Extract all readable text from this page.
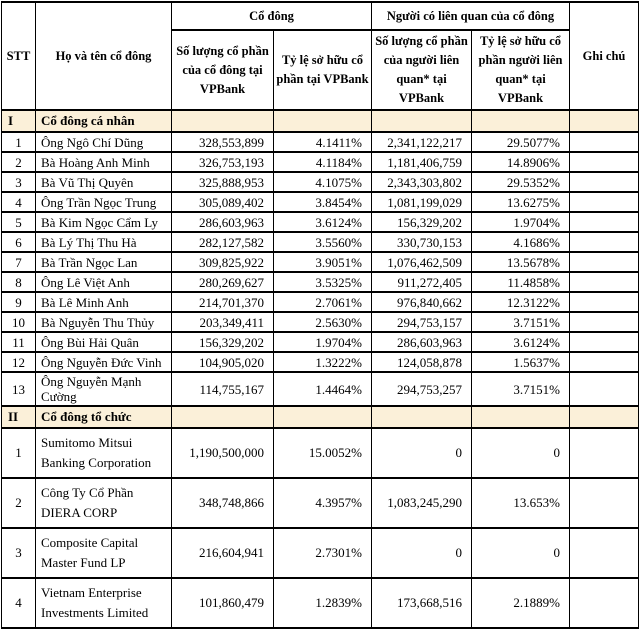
STT	Họ và tên cổ đông	Cổ đông		Người có liên quan của cổ đông		Ghi chú
		Số lượng cổ phần của cổ đông tại VPBank	Tỷ lệ sở hữu cổ phần tại VPBank	Số lượng cổ phần của người liên quan* tại VPBank	Tỷ lệ sở hữu cổ phần người liên quan* tại VPBank	
I	Cổ đông cá nhân					
1	Ông Ngô Chí Dũng	328,553,899	4.1411%	2,341,122,217	29.5077%	
2	Bà Hoàng Anh Minh	326,753,193	4.1184%	1,181,406,759	14.8906%	
3	Bà Vũ Thị Quyên	325,888,953	4.1075%	2,343,303,802	29.5352%	
4	Ông Trần Ngọc Trung	305,089,402	3.8454%	1,081,199,029	13.6275%	
5	Bà Kim Ngọc Cẩm Ly	286,603,963	3.6124%	156,329,202	1.9704%	
6	Bà Lý Thị Thu Hà	282,127,582	3.5560%	330,730,153	4.1686%	
7	Bà Trần Ngọc Lan	309,825,922	3.9051%	1,076,462,509	13.5678%	
8	Ông Lê Việt Anh	280,269,627	3.5325%	911,272,405	11.4858%	
9	Bà Lê Minh Anh	214,701,370	2.7061%	976,840,662	12.3122%	
10	Bà Nguyễn Thu Thủy	203,349,411	2.5630%	294,753,157	3.7151%	
11	Ông Bùi Hải Quân	156,329,202	1.9704%	286,603,963	3.6124%	
12	Ông Nguyễn Đức Vinh	104,905,020	1.3222%	124,058,878	1.5637%	
13	Ông Nguyễn Mạnh Cường	114,755,167	1.4464%	294,753,257	3.7151%	
II	Cổ đông tổ chức					
1	Sumitomo Mitsui Banking Corporation	1,190,500,000	15.0052%	0	0	
2	Công Ty Cổ Phần DIERA CORP	348,748,866	4.3957%	1,083,245,290	13.653%	
3	Composite Capital Master Fund LP	216,604,941	2.7301%	0	0	
4	Vietnam Enterprise Investments Limited	101,860,479	1.2839%	173,668,516	2.1889%	
